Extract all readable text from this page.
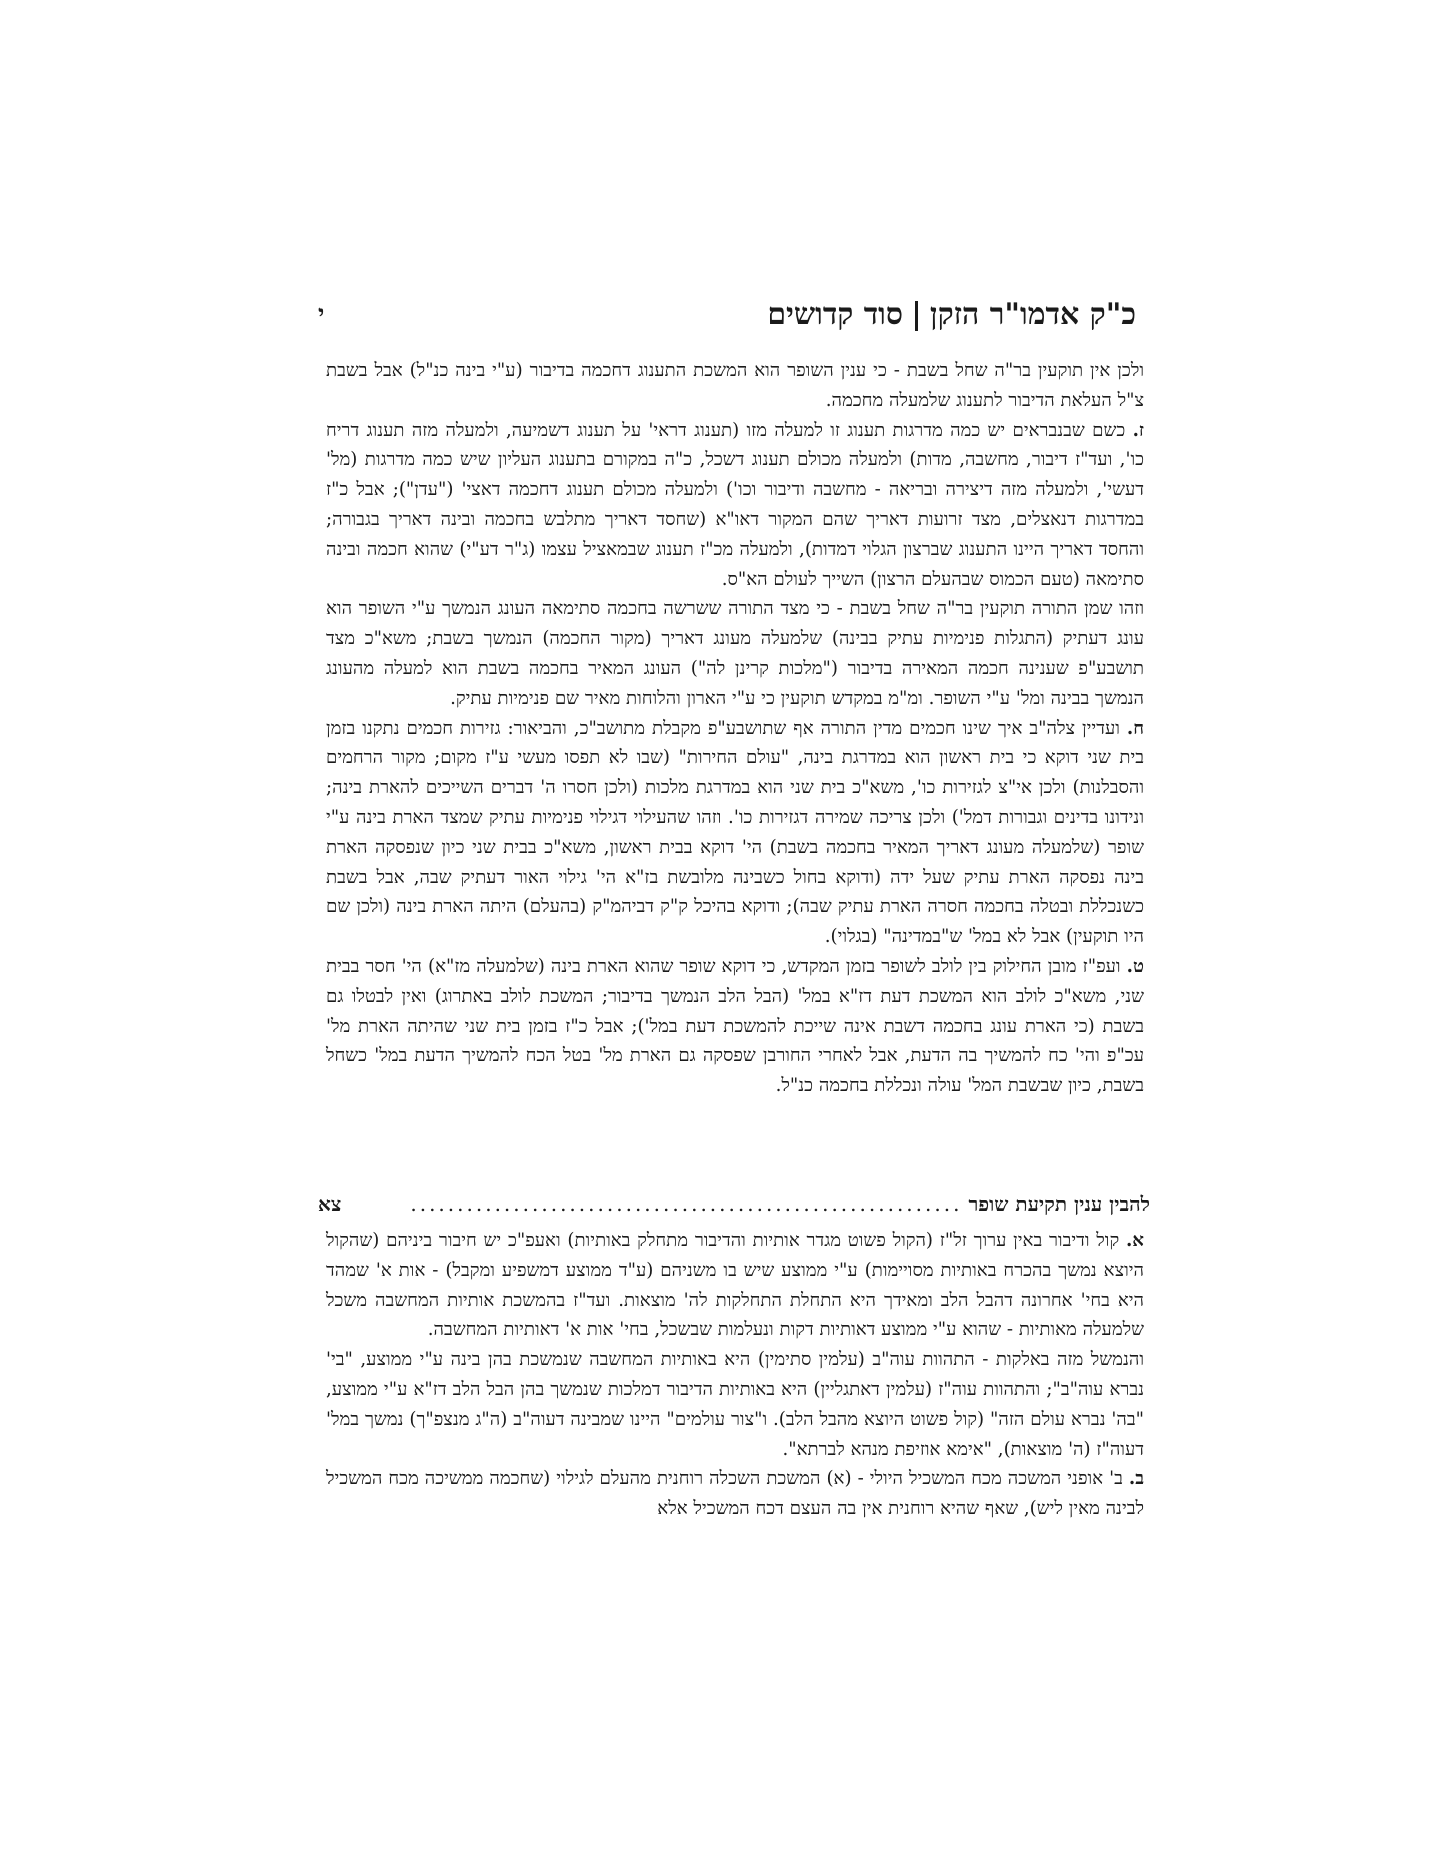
כ"ק אדמו"ר הזקןסוד קדושים
י

ולכן אין תוקעין בר"ה שחל בשבת - כי ענין השופר הוא המשכת התענוג דחכמה בדיבור (ע"י בינה כנ"ל) אבל בשבת צ"ל העלאת הדיבור לתענוג שלמעלה מחכמה.

ז. כשם שבנבראים יש כמה מדרגות תענוג זו למעלה מזו (תענוג דראי' על תענוג דשמיעה, ולמעלה מזה תענוג דריח כו', ועד"ז דיבור, מחשבה, מדות) ולמעלה מכולם תענוג דשכל, כ"ה במקורם בתענוג העליון שיש כמה מדרגות (מל' דעשי', ולמעלה מזה דיצירה ובריאה - מחשבה ודיבור וכו') ולמעלה מכולם תענוג דחכמה דאצי' ("עדן"); אבל כ"ז במדרגות דנאצלים, מצד זרועות דאריך שהם המקור דאו"א (שחסד דאריך מתלבש בחכמה ובינה דאריך בגבורה; והחסד דאריך היינו התענוג שברצון הגלוי דמדות), ולמעלה מכ"ז תענוג שבמאציל עצמו (ג"ר דע"י) שהוא חכמה ובינה סתימאה (טעם הכמוס שבהעלם הרצון) השייך לעולם הא"ס.

וזהו שמן התורה תוקעין בר"ה שחל בשבת - כי מצד התורה ששרשה בחכמה סתימאה העונג הנמשך ע"י השופר הוא עונג דעתיק (התגלות פנימיות עתיק בבינה) שלמעלה מעונג דאריך (מקור החכמה) הנמשך בשבת; משא"כ מצד תושבע"פ שענינה חכמה המאירה בדיבור ("מלכות קרינן לה") העונג המאיר בחכמה בשבת הוא למעלה מהעונג הנמשך בבינה ומל' ע"י השופר. ומ"מ במקדש תוקעין כי ע"י הארון והלוחות מאיר שם פנימיות עתיק.

ח. ועדיין צלה"ב איך שינו חכמים מדין התורה אף שתושבע"פ מקבלת מתושב"כ, והביאור: גזירות חכמים נתקנו בזמן בית שני דוקא כי בית ראשון הוא במדרגת בינה, "עולם החירות" (שבו לא תפסו מעשי ע"ז מקום; מקור הרחמים והסבלנות) ולכן אי"צ לגזירות כו', משא"כ בית שני הוא במדרגת מלכות (ולכן חסרו ה' דברים השייכים להארת בינה; ונידונו בדינים וגבורות דמל') ולכן צריכה שמירה דגזירות כו'. וזהו שהעילוי דגילוי פנימיות עתיק שמצד הארת בינה ע"י שופר (שלמעלה מעונג דאריך המאיר בחכמה בשבת) הי' דוקא בבית ראשון, משא"כ בבית שני כיון שנפסקה הארת בינה נפסקה הארת עתיק שעל ידה (ודוקא בחול כשבינה מלובשת בז"א הי' גילוי האור דעתיק שבה, אבל בשבת כשנכללת ובטלה בחכמה חסרה הארת עתיק שבה); ודוקא בהיכל ק"ק דביהמ"ק (בהעלם) היתה הארת בינה (ולכן שם היו תוקעין) אבל לא במל' ש"במדינה" (בגלוי).

ט. ועפ"ז מובן החילוק בין לולב לשופר בזמן המקדש, כי דוקא שופר שהוא הארת בינה (שלמעלה מז"א) הי' חסר בבית שני, משא"כ לולב הוא המשכת דעת דז"א במל' (הבל הלב הנמשך בדיבור; המשכת לולב באתרוג) ואין לבטלו גם בשבת (כי הארת עונג בחכמה דשבת אינה שייכת להמשכת דעת במל'); אבל כ"ז בזמן בית שני שהיתה הארת מל' עכ"פ והי' כח להמשיך בה הדעת, אבל לאחרי החורבן שפסקה גם הארת מל' בטל הכח להמשיך הדעת במל' כשחל בשבת, כיון שבשבת המל' עולה ונכללת בחכמה כנ"ל.

להבין ענין תקיעת שופר
...........................................................
צא

א. קול ודיבור באין ערוך זל"ז (הקול פשוט מגדר אותיות והדיבור מתחלק באותיות) ואעפ"כ יש חיבור ביניהם (שהקול היוצא נמשך בהכרח באותיות מסויימות) ע"י ממוצע שיש בו משניהם (ע"ד ממוצע דמשפיע ומקבל) - אות א' שמהד היא בחי' אחרונה דהבל הלב ומאידך היא התחלת התחלקות לה' מוצאות. ועד"ז בהמשכת אותיות המחשבה משכל שלמעלה מאותיות - שהוא ע"י ממוצע דאותיות דקות ונעלמות שבשכל, בחי' אות א' דאותיות המחשבה.

והנמשל מזה באלקות - התהוות עוה"ב (עלמין סתימין) היא באותיות המחשבה שנמשכת בהן בינה ע"י ממוצע, "בי' נברא עוה"ב"; והתהוות עוה"ז (עלמין דאתגליין) היא באותיות הדיבור דמלכות שנמשך בהן הבל הלב דז"א ע"י ממוצע, "בה' נברא עולם הזה" (קול פשוט היוצא מהבל הלב). ו"צור עולמים" היינו שמבינה דעוה"ב (ה"ג מנצפ"ך) נמשך במל' דעוה"ז (ה' מוצאות), "אימא אוזיפת מנהא לברתא".

ב. ב' אופני המשכה מכח המשכיל היולי - (א) המשכת השכלה רוחנית מהעלם לגילוי (שחכמה ממשיכה מכח המשכיל לבינה מאין ליש), שאף שהיא רוחנית אין בה העצם דכח המשכיל אלא
